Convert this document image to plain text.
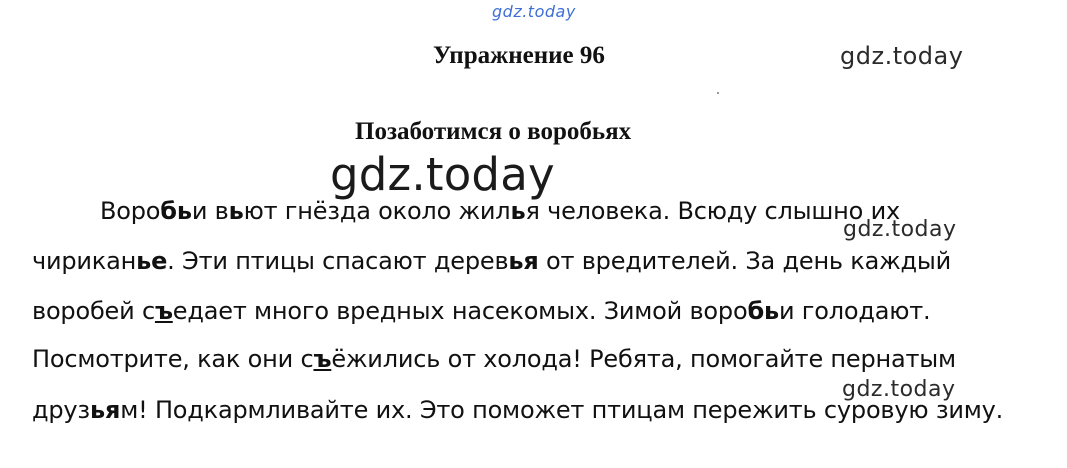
gdz.today
gdz.today
Упражнение 96
Позаботимся о воробьях
gdz.today
Воробьи вьют гнёзда около жилья человека. Всюду слышно их
gdz.today
чириканье. Эти птицы спасают деревья от вредителей. За день каждый
воробей съедает много вредных насекомых. Зимой воробьи голодают.
Посмотрите, как они съёжились от холода! Ребята, помогайте пернатым
gdz.today
друзьям! Подкармливайте их. Это поможет птицам пережить суровую зиму.
